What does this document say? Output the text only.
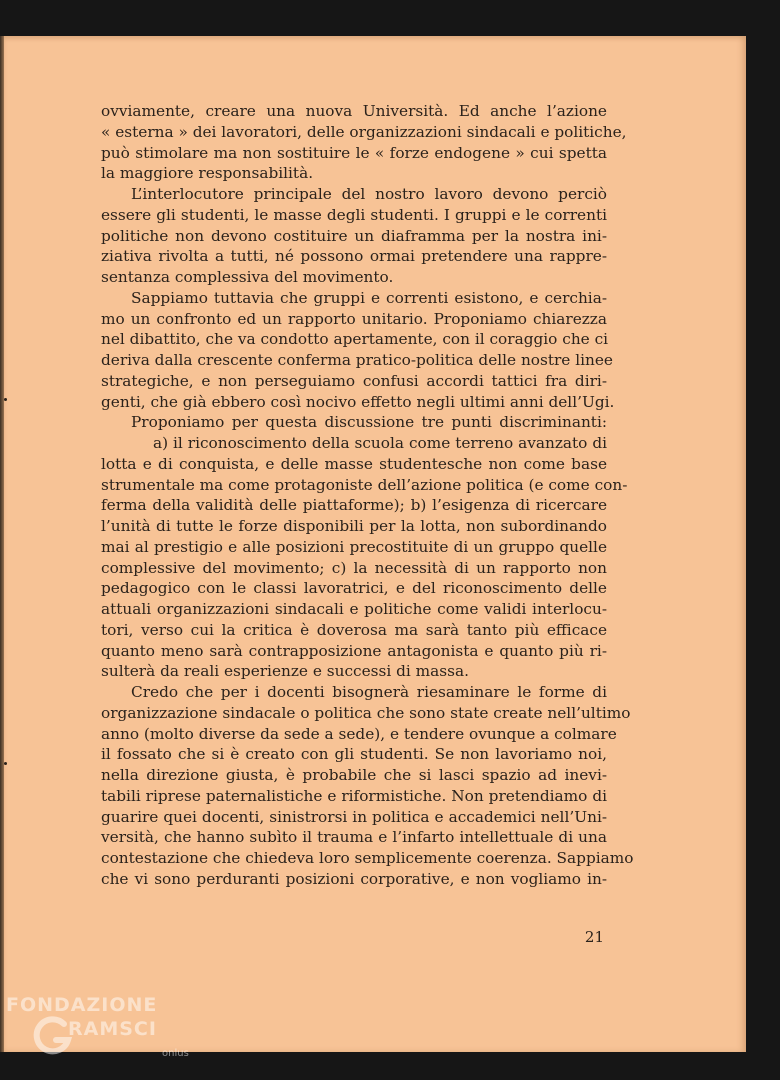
ovviamente, creare una nuova Università. Ed anche l’azione
« esterna » dei lavoratori, delle organizzazioni sindacali e politiche,
può stimolare ma non sostituire le « forze endogene » cui spetta
la maggiore responsabilità.
L’interlocutore principale del nostro lavoro devono perciò
essere gli studenti, le masse degli studenti. I gruppi e le correnti
politiche non devono costituire un diaframma per la nostra ini-
ziativa rivolta a tutti, né possono ormai pretendere una rappre-
sentanza complessiva del movimento.
Sappiamo tuttavia che gruppi e correnti esistono, e cerchia-
mo un confronto ed un rapporto unitario. Proponiamo chiarezza
nel dibattito, che va condotto apertamente, con il coraggio che ci
deriva dalla crescente conferma pratico-politica delle nostre linee
strategiche, e non perseguiamo confusi accordi tattici fra diri-
genti, che già ebbero così nocivo effetto negli ultimi anni dell’Ugi.
Proponiamo per questa discussione tre punti discriminanti:
a) il riconoscimento della scuola come terreno avanzato di
lotta e di conquista, e delle masse studentesche non come base
strumentale ma come protagoniste dell’azione politica (e come con-
ferma della validità delle piattaforme); b) l’esigenza di ricercare
l’unità di tutte le forze disponibili per la lotta, non subordinando
mai al prestigio e alle posizioni precostituite di un gruppo quelle
complessive del movimento; c) la necessità di un rapporto non
pedagogico con le classi lavoratrici, e del riconoscimento delle
attuali organizzazioni sindacali e politiche come validi interlocu-
tori, verso cui la critica è doverosa ma sarà tanto più efficace
quanto meno sarà contrapposizione antagonista e quanto più ri-
sulterà da reali esperienze e successi di massa.
Credo che per i docenti bisognerà riesaminare le forme di
organizzazione sindacale o politica che sono state create nell’ultimo
anno (molto diverse da sede a sede), e tendere ovunque a colmare
il fossato che si è creato con gli studenti. Se non lavoriamo noi,
nella direzione giusta, è probabile che si lasci spazio ad inevi-
tabili riprese paternalistiche e riformistiche. Non pretendiamo di
guarire quei docenti, sinistrorsi in politica e accademici nell’Uni-
versità, che hanno subìto il trauma e l’infarto intellettuale di una
contestazione che chiedeva loro semplicemente coerenza. Sappiamo
che vi sono perduranti posizioni corporative, e non vogliamo in-
21
FONDAZIONE
RAMSCI
onlus
